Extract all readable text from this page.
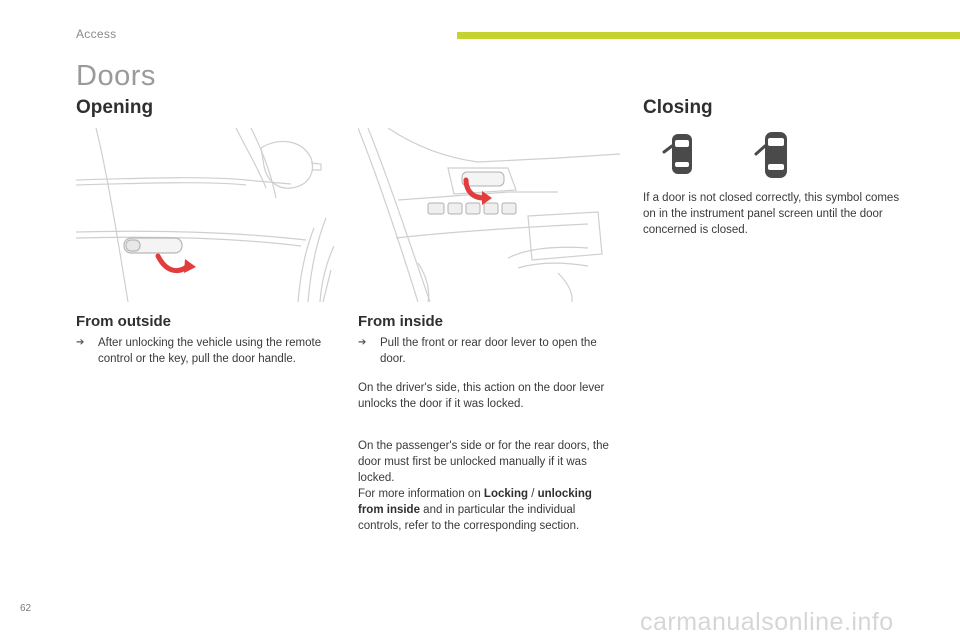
Access
Doors
Opening
From outside
➔	After unlocking the vehicle using the remote control or the key, pull the door handle.
From inside
➔	Pull the front or rear door lever to open the door.
On the driver's side, this action on the door lever unlocks the door if it was locked.
On the passenger's side or for the rear doors, the door must first be unlocked manually if it was locked.
For more information on Locking / unlocking from inside and in particular the individual controls, refer to the corresponding section.
Closing
If a door is not closed correctly, this symbol comes on in the instrument panel screen until the door concerned is closed.
62	carmanualsonline.info
